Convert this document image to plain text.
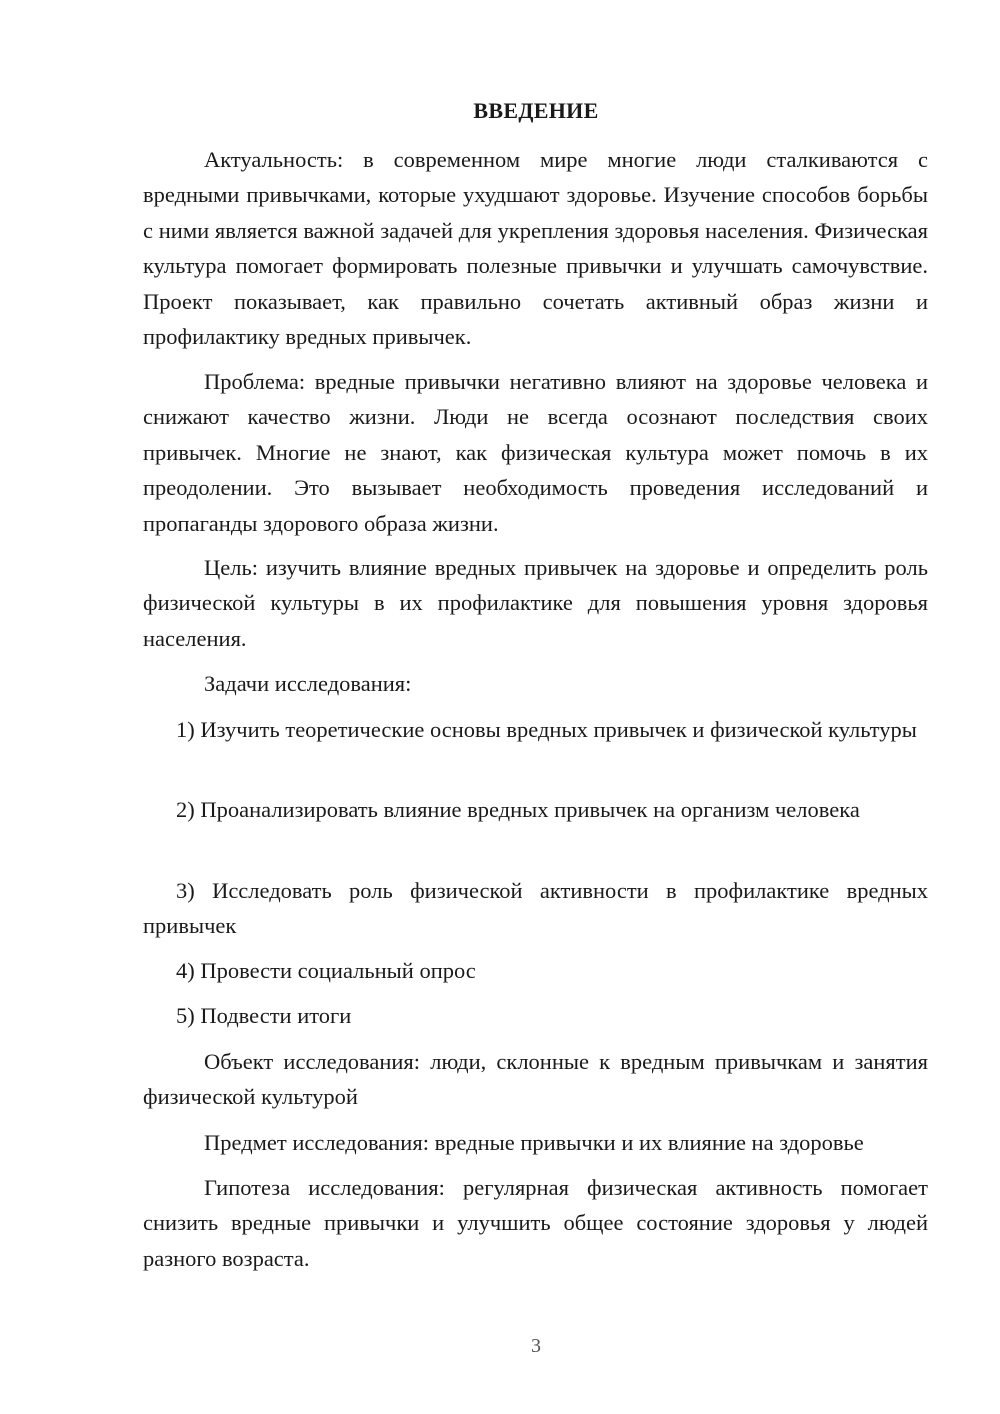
ВВЕДЕНИЕ

Актуальность: в современном мире многие люди сталкиваются с вредными привычками, которые ухудшают здоровье. Изучение способов борьбы с ними является важной задачей для укрепления здоровья населения. Физическая культура помогает формировать полезные привычки и улучшать самочувствие. Проект показывает, как правильно сочетать активный образ жизни и профилактику вредных привычек.

Проблема: вредные привычки негативно влияют на здоровье человека и снижают качество жизни. Люди не всегда осознают последствия своих привычек. Многие не знают, как физическая культура может помочь в их преодолении. Это вызывает необходимость проведения исследований и пропаганды здорового образа жизни.

Цель: изучить влияние вредных привычек на здоровье и определить роль физической культуры в их профилактике для повышения уровня здоровья населения.

Задачи исследования:

1) Изучить теоретические основы вредных привычек и физической культуры

2) Проанализировать влияние вредных привычек на организм человека

3) Исследовать роль физической активности в профилактике вредных привычек

4) Провести социальный опрос

5) Подвести итоги

Объект исследования: люди, склонные к вредным привычкам и занятия физической культурой

Предмет исследования: вредные привычки и их влияние на здоровье

Гипотеза исследования: регулярная физическая активность помогает снизить вредные привычки и улучшить общее состояние здоровья у людей разного возраста.

3
